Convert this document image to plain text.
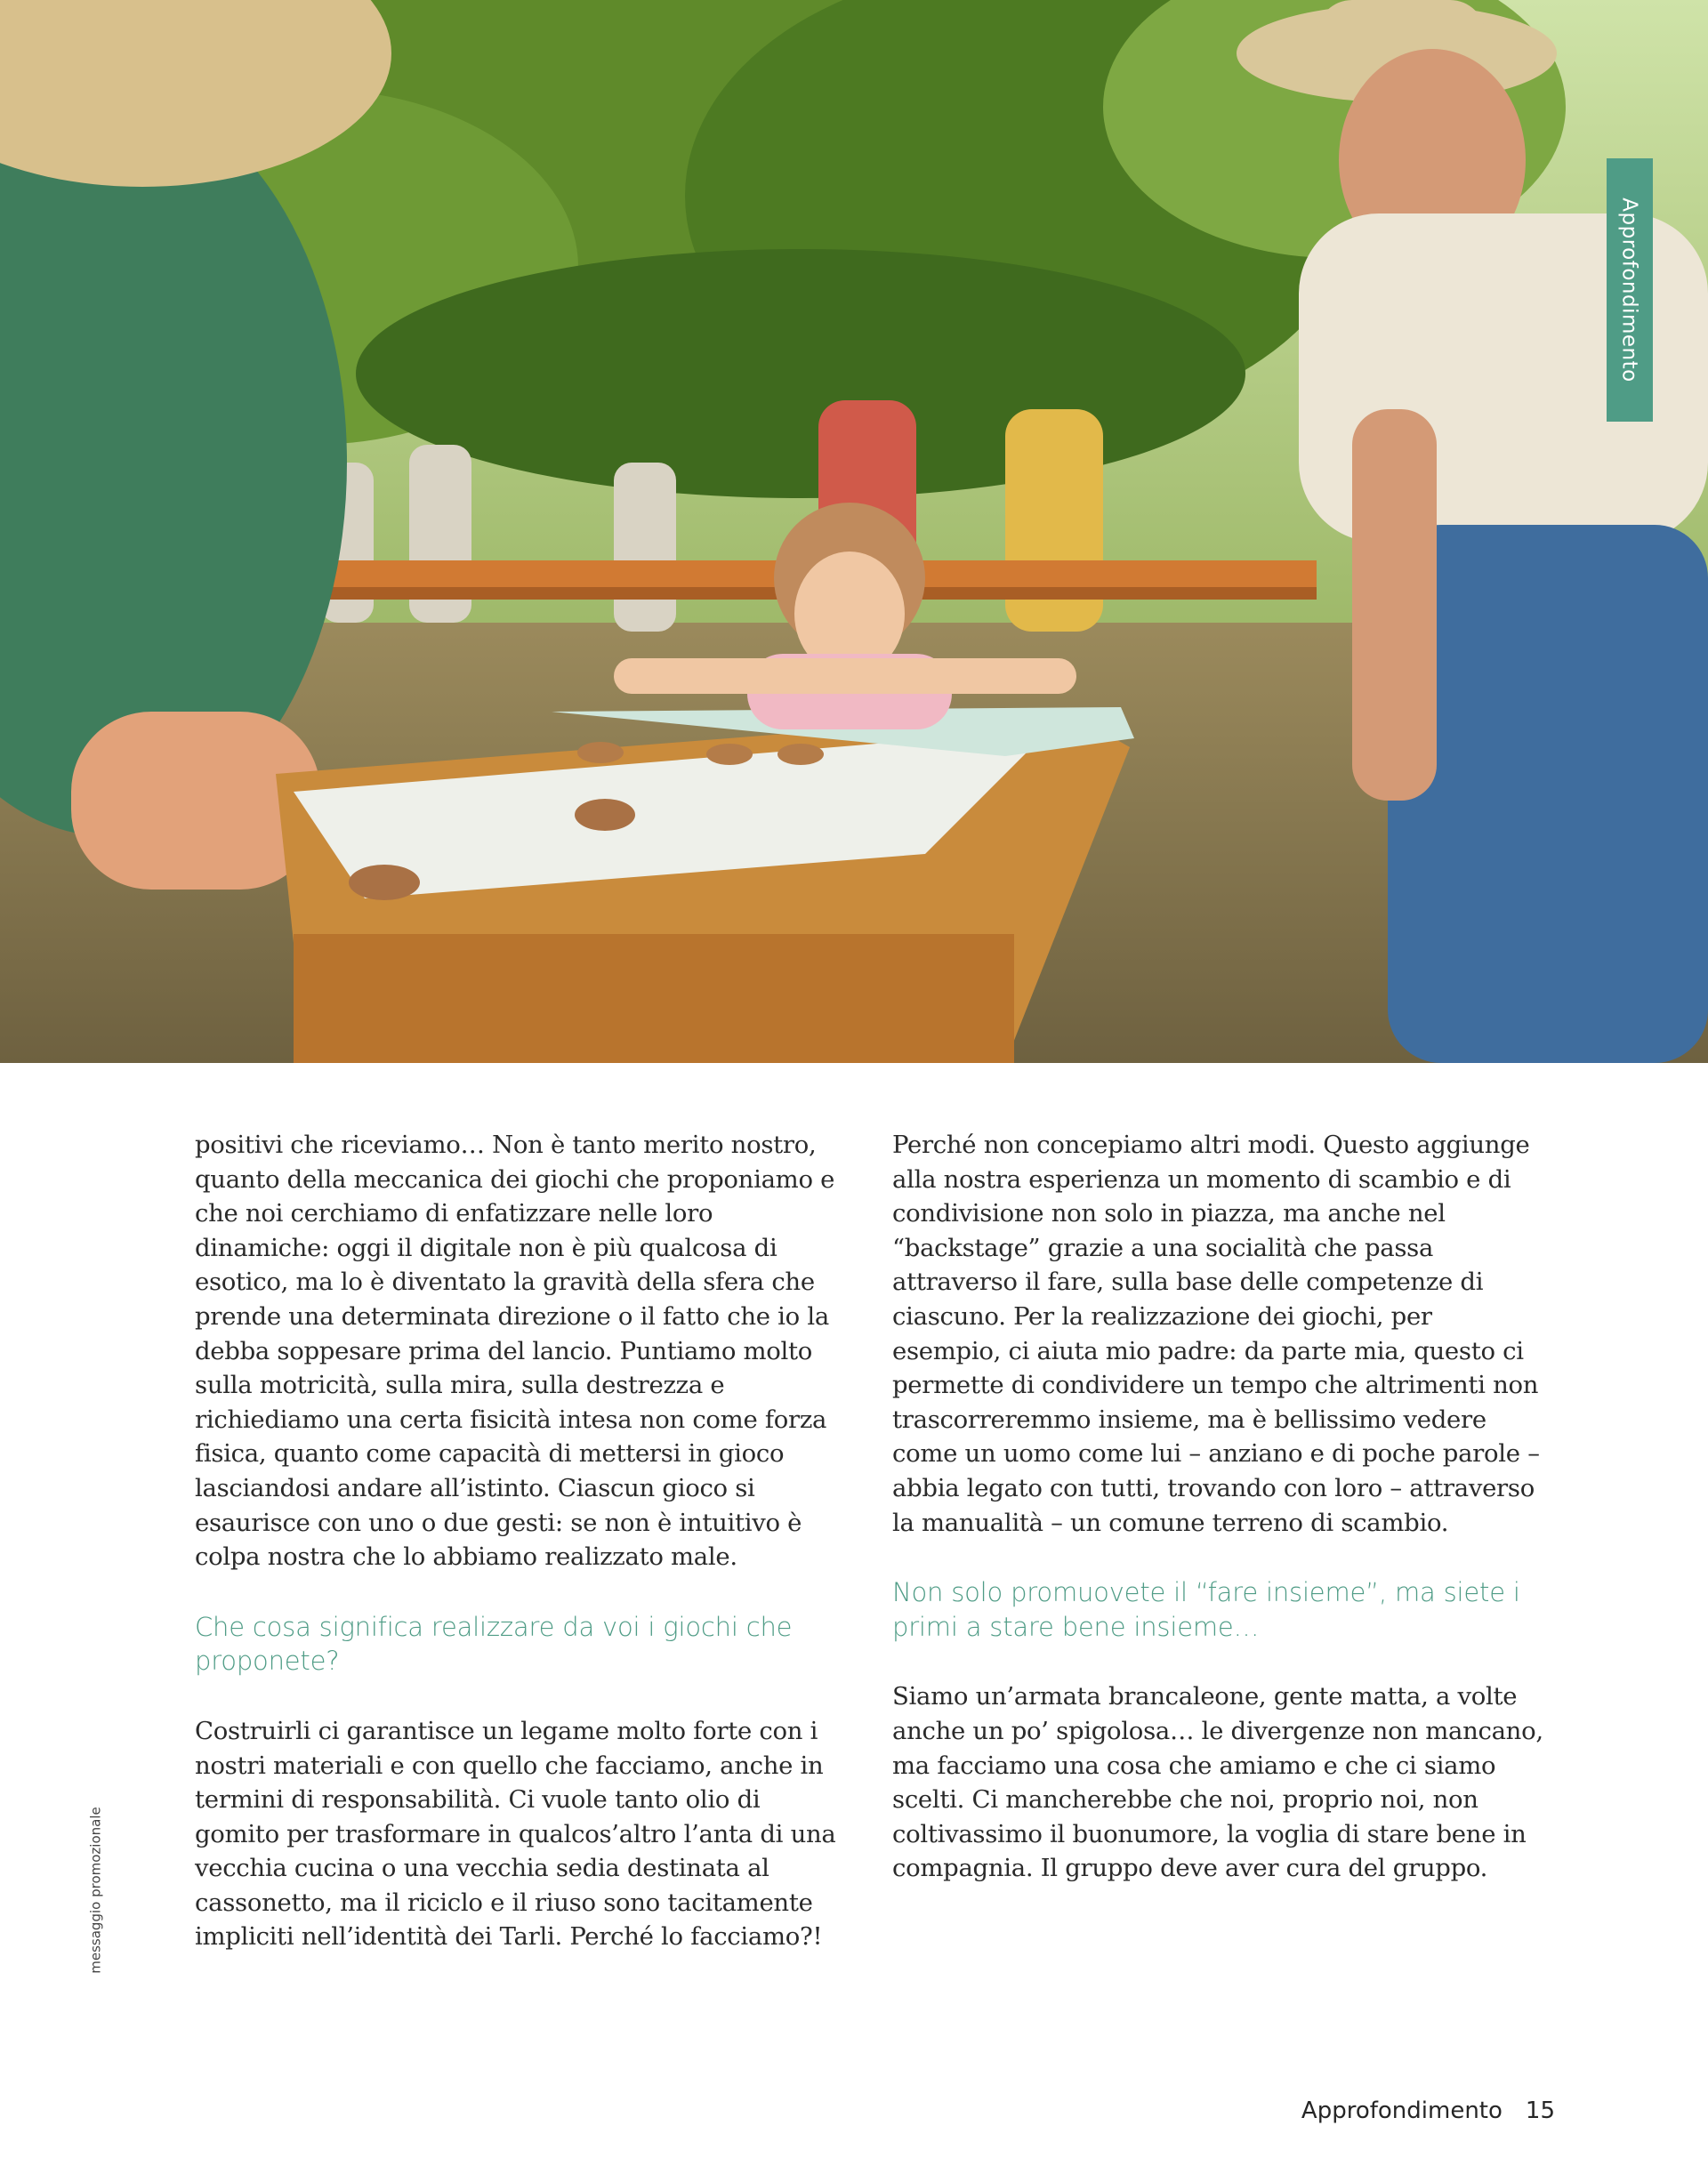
Approfondimento

positivi che riceviamo… Non è tanto merito nostro, quanto della meccanica dei giochi che proponiamo e che noi cerchiamo di enfatizzare nelle loro dinamiche: oggi il digitale non è più qualcosa di esotico, ma lo è diventato la gravità della sfera che prende una determinata direzione o il fatto che io la debba soppesare prima del lancio. Puntiamo molto sulla motricità, sulla mira, sulla destrezza e richiediamo una certa fisicità intesa non come forza fisica, quanto come capacità di mettersi in gioco lasciandosi andare all’istinto. Ciascun gioco si esaurisce con uno o due gesti: se non è intuitivo è colpa nostra che lo abbiamo realizzato male.

Che cosa significa realizzare da voi i giochi che proponete?

Costruirli ci garantisce un legame molto forte con i nostri materiali e con quello che facciamo, anche in termini di responsabilità. Ci vuole tanto olio di gomito per trasformare in qualcos’altro l’anta di una vecchia cucina o una vecchia sedia destinata al cassonetto, ma il riciclo e il riuso sono tacitamente impliciti nell’identità dei Tarli. Perché lo facciamo?!

Perché non concepiamo altri modi. Questo aggiunge alla nostra esperienza un momento di scambio e di condivisione non solo in piazza, ma anche nel “backstage” grazie a una socialità che passa attraverso il fare, sulla base delle competenze di ciascuno. Per la realizzazione dei giochi, per esempio, ci aiuta mio padre: da parte mia, questo ci permette di condividere un tempo che altrimenti non trascorreremmo insieme, ma è bellissimo vedere come un uomo come lui – anziano e di poche parole – abbia legato con tutti, trovando con loro – attraverso la manualità – un comune terreno di scambio.

Non solo promuovete il “fare insieme”, ma siete i primi a stare bene insieme…

Siamo un’armata brancaleone, gente matta, a volte anche un po’ spigolosa… le divergenze non mancano, ma facciamo una cosa che amiamo e che ci siamo scelti. Ci mancherebbe che noi, proprio noi, non coltivassimo il buonumore, la voglia di stare bene in compagnia. Il gruppo deve aver cura del gruppo.

messaggio promozionale
Approfondimento 15
